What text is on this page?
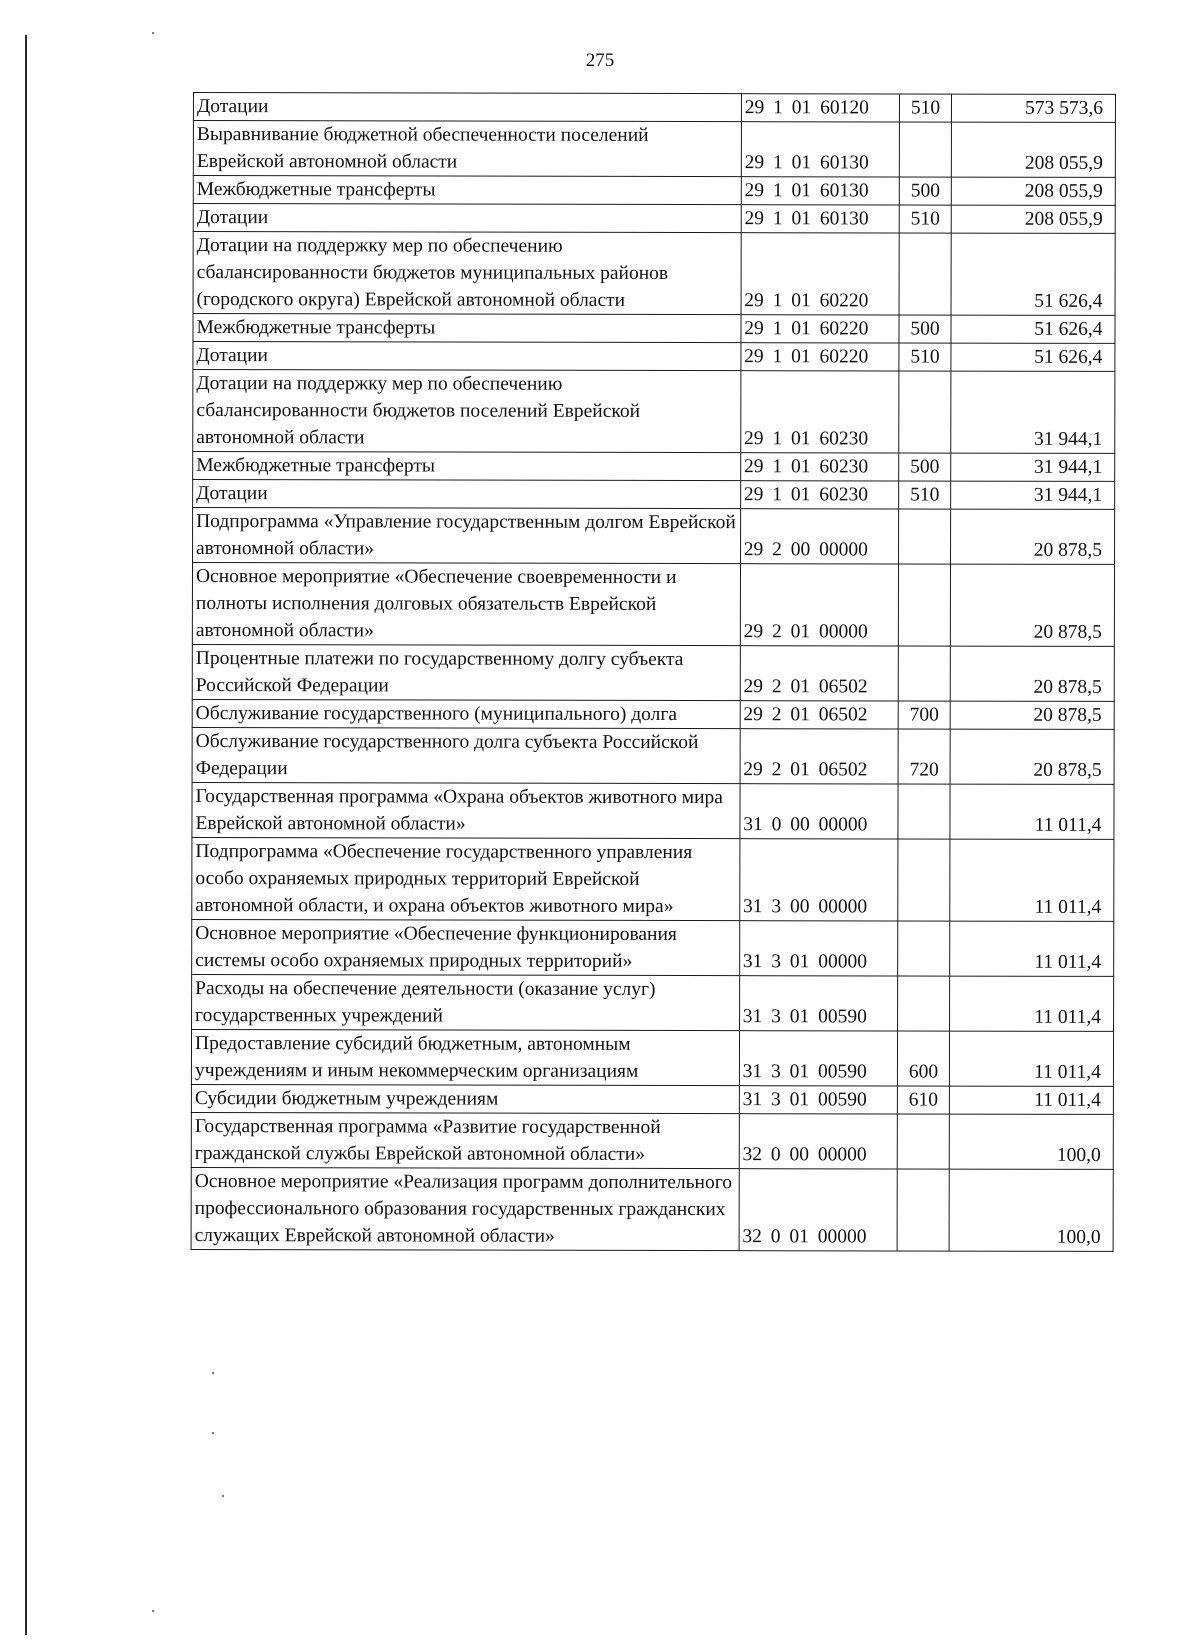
275
Дотации	29 1 01 60120	510	573 573,6
Выравнивание бюджетной обеспеченности поселений Еврейской автономной области	29 1 01 60130		208 055,9
Межбюджетные трансферты	29 1 01 60130	500	208 055,9
Дотации	29 1 01 60130	510	208 055,9
Дотации на поддержку мер по обеспечению сбалансированности бюджетов муниципальных районов (городского округа) Еврейской автономной области	29 1 01 60220		51 626,4
Межбюджетные трансферты	29 1 01 60220	500	51 626,4
Дотации	29 1 01 60220	510	51 626,4
Дотации на поддержку мер по обеспечению сбалансированности бюджетов поселений Еврейской автономной области	29 1 01 60230		31 944,1
Межбюджетные трансферты	29 1 01 60230	500	31 944,1
Дотации	29 1 01 60230	510	31 944,1
Подпрограмма «Управление государственным долгом Еврейской автономной области»	29 2 00 00000		20 878,5
Основное мероприятие «Обеспечение своевременности и полноты исполнения долговых обязательств Еврейской автономной области»	29 2 01 00000		20 878,5
Процентные платежи по государственному долгу субъекта Российской Федерации	29 2 01 06502		20 878,5
Обслуживание государственного (муниципального) долга	29 2 01 06502	700	20 878,5
Обслуживание государственного долга субъекта Российской Федерации	29 2 01 06502	720	20 878,5
Государственная программа «Охрана объектов животного мира Еврейской автономной области»	31 0 00 00000		11 011,4
Подпрограмма «Обеспечение государственного управления особо охраняемых природных территорий Еврейской автономной области, и охрана объектов животного мира»	31 3 00 00000		11 011,4
Основное мероприятие «Обеспечение функционирования системы особо охраняемых природных территорий»	31 3 01 00000		11 011,4
Расходы на обеспечение деятельности (оказание услуг) государственных учреждений	31 3 01 00590		11 011,4
Предоставление субсидий бюджетным, автономным учреждениям и иным некоммерческим организациям	31 3 01 00590	600	11 011,4
Субсидии бюджетным учреждениям	31 3 01 00590	610	11 011,4
Государственная программа «Развитие государственной гражданской службы Еврейской автономной области»	32 0 00 00000		100,0
Основное мероприятие «Реализация программ дополнительного профессионального образования государственных гражданских служащих Еврейской автономной области»	32 0 01 00000		100,0
